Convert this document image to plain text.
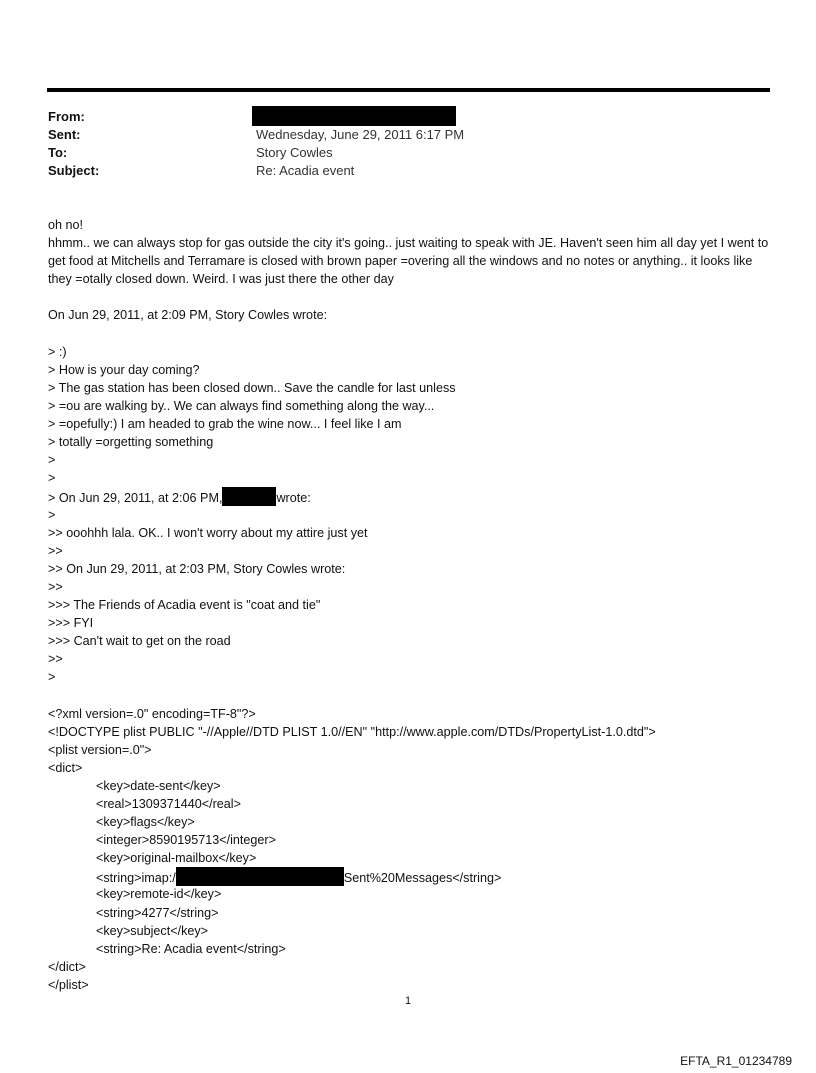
From:
Sent:	Wednesday, June 29, 2011 6:17 PM
To:	Story Cowles
Subject:	Re: Acadia event
oh no!
hhmm.. we can always stop for gas outside the city it's going.. just waiting to speak with JE. Haven't seen him all day yet I went to get food at Mitchells and Terramare is closed with brown paper =overing all the windows and no notes or anything.. it looks like they =otally closed down. Weird. I was just there the other day
On Jun 29, 2011, at 2:09 PM, Story Cowles wrote:
> :)
> How is your day coming?
> The gas station has been closed down.. Save the candle for last unless
> =ou are walking by.. We can always find something along the way...
> =opefully:) I am headed to grab the wine now... I feel like I am
> totally =orgetting something
>
>
> On Jun 29, 2011, at 2:06 PM,	wrote:
>
>> ooohhh lala. OK.. I won't worry about my attire just yet
>>
>> On Jun 29, 2011, at 2:03 PM, Story Cowles wrote:
>>
>>> The Friends of Acadia event is "coat and tie"
>>> FYI
>>> Can't wait to get on the road
>>
>
<?xml version=.0" encoding=TF-8"?>
<!DOCTYPE plist PUBLIC "-//Apple//DTD PLIST 1.0//EN" "http://www.apple.com/DTDs/PropertyList-1.0.dtd">
<plist version=.0">
<dict>
<key>date-sent</key>
<real>1309371440</real>
<key>flags</key>
<integer>8590195713</integer>
<key>original-mailbox</key>
<string>imap:/	Sent%20Messages</string>
<key>remote-id</key>
<string>4277</string>
<key>subject</key>
<string>Re: Acadia event</string>
</dict>
</plist>
1
EFTA_R1_01234789
